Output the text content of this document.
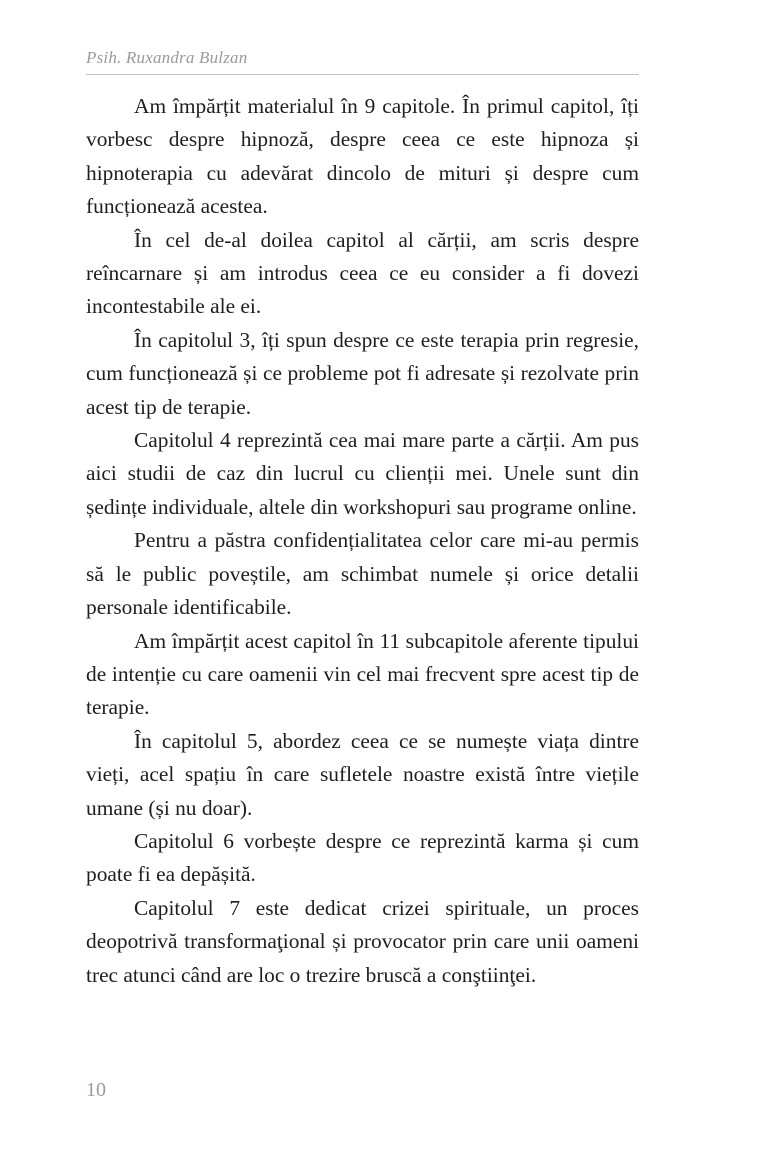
Psih. Ruxandra Bulzan

Am împărțit materialul în 9 capitole. În primul capitol, îți vorbesc despre hipnoză, despre ceea ce este hipnoza și hipnoterapia cu adevărat dincolo de mituri și despre cum funcționează acestea.

În cel de-al doilea capitol al cărții, am scris despre reîncarnare și am introdus ceea ce eu consider a fi dovezi incontestabile ale ei.

În capitolul 3, îți spun despre ce este terapia prin regresie, cum funcționează și ce probleme pot fi adresate și rezolvate prin acest tip de terapie.

Capitolul 4 reprezintă cea mai mare parte a cărții. Am pus aici studii de caz din lucrul cu clienții mei. Unele sunt din ședințe individuale, altele din workshopuri sau programe online.

Pentru a păstra confidențialitatea celor care mi-au permis să le public poveștile, am schimbat numele și orice detalii personale identificabile.

Am împărțit acest capitol în 11 subcapitole aferente tipului de intenție cu care oamenii vin cel mai frecvent spre acest tip de terapie.

În capitolul 5, abordez ceea ce se numește viața dintre vieți, acel spațiu în care sufletele noastre există între viețile umane (și nu doar).

Capitolul 6 vorbește despre ce reprezintă karma și cum poate fi ea depășită.

Capitolul 7 este dedicat crizei spirituale, un proces deopotrivă transformaţional și provocator prin care unii oameni trec atunci când are loc o trezire bruscă a conştiinţei.

10
